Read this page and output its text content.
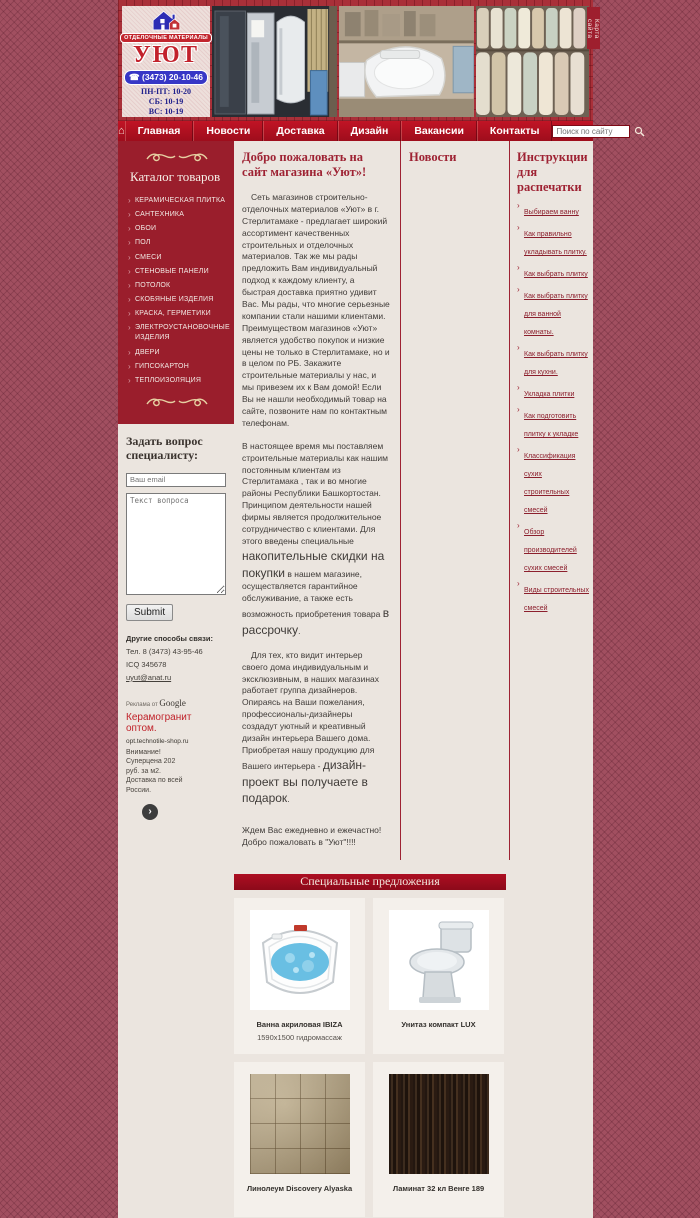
Карта сайта
ОТДЕЛОЧНЫЕ МАТЕРИАЛЫ
УЮТ
☎ (3473) 20-10-46
ПН-ПТ: 10-20
СБ: 10-19
ВС: 10-19
⌂	Главная	Новости	Доставка	Дизайн	Вакансии	Контакты
Поиск по сайту
Каталог товаров
› КЕРАМИЧЕСКАЯ ПЛИТКА
› САНТЕХНИКА
› ОБОИ
› ПОЛ
› СМЕСИ
› СТЕНОВЫЕ ПАНЕЛИ
› ПОТОЛОК
› СКОБЯНЫЕ ИЗДЕЛИЯ
› КРАСКА, ГЕРМЕТИКИ
› ЭЛЕКТРОУСТАНОВОЧНЫЕ ИЗДЕЛИЯ
› ДВЕРИ
› ГИПСОКАРТОН
› ТЕПЛОИЗОЛЯЦИЯ
Задать вопрос специалисту:
Ваш email
Текст вопроса Submit
Другие способы связи:
Тел. 8 (3473) 43-95-46
ICQ 345678
uyut@anat.ru
Реклама от Google
Керамогранит оптом.
opt.technotile-shop.ru
Внимание! Суперцена 202 руб. за м2. Доставка по всей России.
›
Добро пожаловать на сайт магазина «Уют»!

Сеть магазинов строительно-отделочных материалов «Уют» в г. Стерлитамаке - предлагает широкий ассортимент качественных строительных и отделочных материалов. Так же мы рады предложить Вам индивидуальный подход к каждому клиенту, а быстрая доставка приятно удивит Вас. Мы рады, что многие серьезные компании стали нашими клиентами. Преимуществом магазинов «Уют» является удобство покупок и низкие цены не только в Стерлитамаке, но и в целом по РБ. Закажите строительные материалы у нас, и мы привезем их к Вам домой! Если Вы не нашли необходимый товар на сайте, позвоните нам по контактным телефонам.

В настоящее время мы поставляем строительные материалы как нашим постоянным клиентам из Стерлитамака , так и во многие районы Республики Башкортостан. Принципом деятельности нашей фирмы является продолжительное сотрудничество с клиентами. Для этого введены специальные накопительные скидки на покупки в нашем магазине, осуществляется гарантийное обслуживание, а также есть возможность приобретения товара в рассрочку.

Для тех, кто видит интерьер своего дома индивидуальным и эксклюзивным, в наших магазинах работает группа дизайнеров. Опираясь на Ваши пожелания, профессионалы-дизайнеры создадут уютный и креативный дизайн интерьера Вашего дома. Приобретая нашу продукцию для Вашего интерьера - дизайн-проект вы получаете в подарок.

Ждем Вас ежедневно и ежечастно! Добро пожаловать в "Уют"!!!!

Новости	Инструкции для распечатки
›
Выбираем ванну
›
Как правильно укладывать плитку.
›
Как выбрать плитку
›
Как выбрать плитку для ванной комнаты.
›
Как выбрать плитку для кухни.
›
Укладка плитки
›
Как подготовить плитку к укладке
›
Классификация сухих строительных смесей
›
Обзор производителей сухих смесей
›
Виды строительных смесей
Специальные предложения
Ванна акриловая IBIZA
1590x1500 гидромассаж
Унитаз компакт LUX
Линолеум Discovery Alyaska	Ламинат 32 кл Венге 189
